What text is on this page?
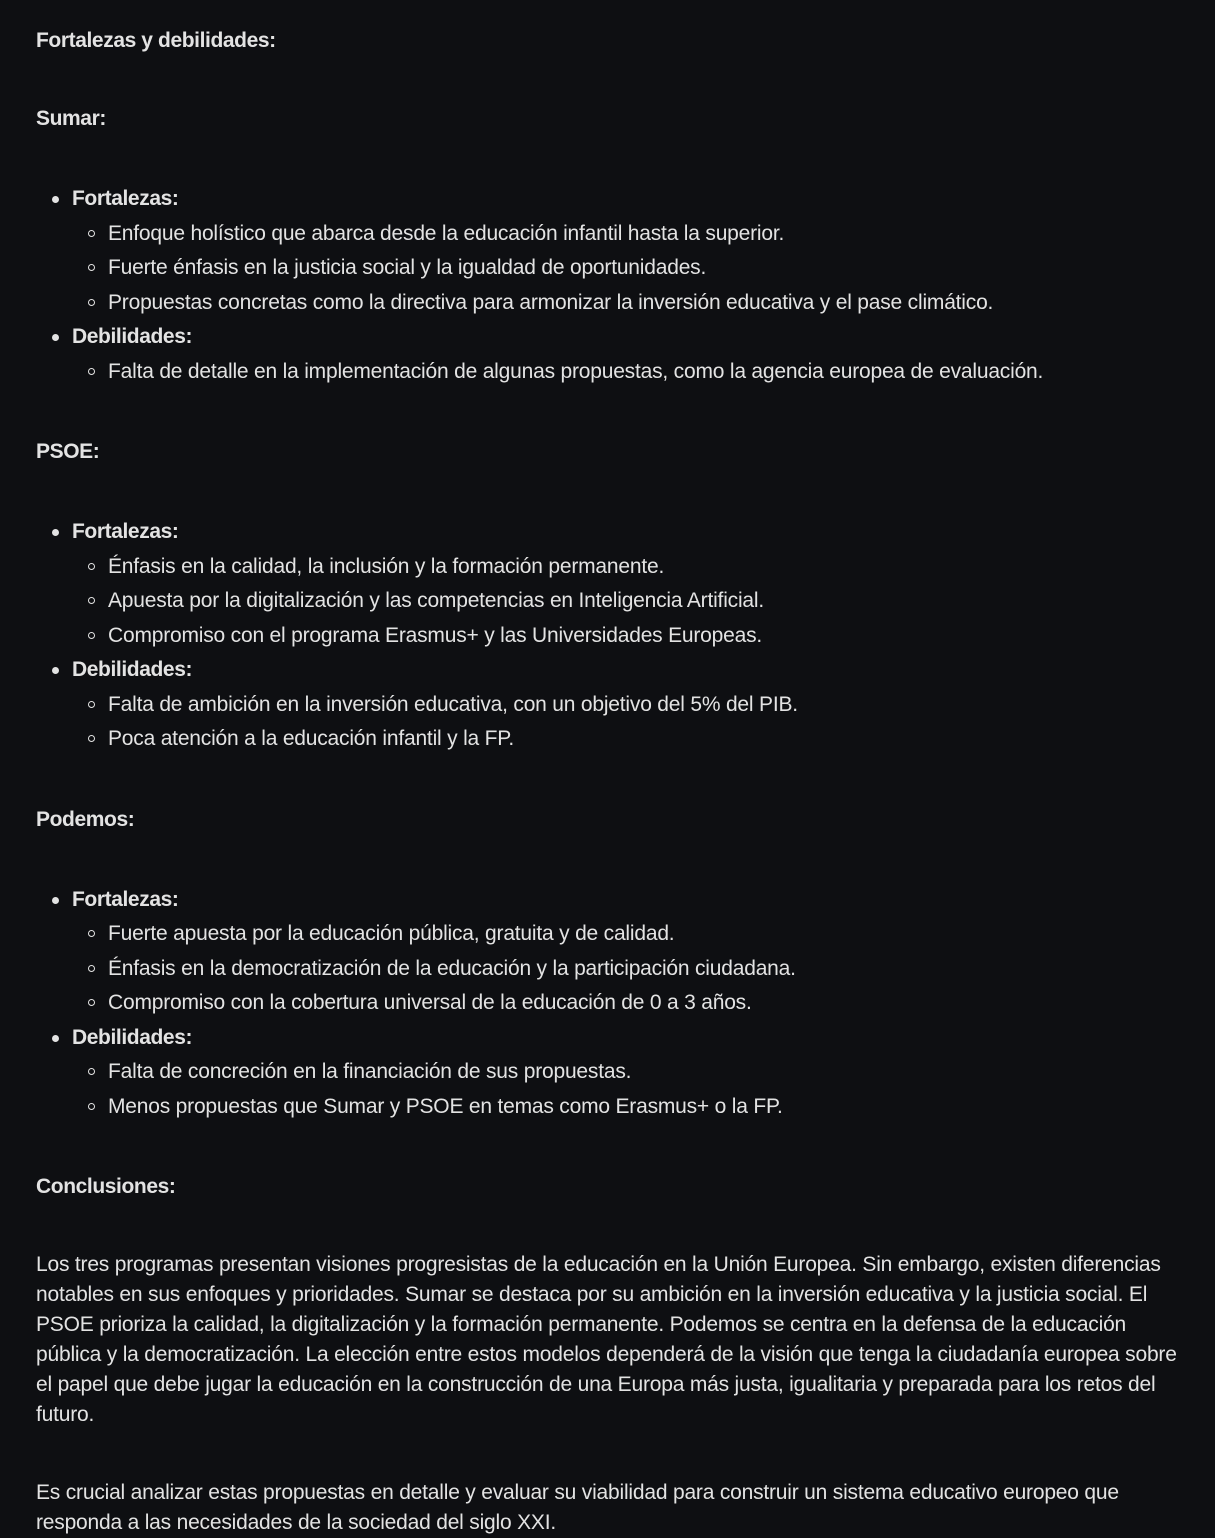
Fortalezas y debilidades:

Sumar:

Fortalezas:
Enfoque holístico que abarca desde la educación infantil hasta la superior.
Fuerte énfasis en la justicia social y la igualdad de oportunidades.
Propuestas concretas como la directiva para armonizar la inversión educativa y el pase climático.
Debilidades:
Falta de detalle en la implementación de algunas propuestas, como la agencia europea de evaluación.

PSOE:

Fortalezas:
Énfasis en la calidad, la inclusión y la formación permanente.
Apuesta por la digitalización y las competencias en Inteligencia Artificial.
Compromiso con el programa Erasmus+ y las Universidades Europeas.
Debilidades:
Falta de ambición en la inversión educativa, con un objetivo del 5% del PIB.
Poca atención a la educación infantil y la FP.

Podemos:

Fortalezas:
Fuerte apuesta por la educación pública, gratuita y de calidad.
Énfasis en la democratización de la educación y la participación ciudadana.
Compromiso con la cobertura universal de la educación de 0 a 3 años.
Debilidades:
Falta de concreción en la financiación de sus propuestas.
Menos propuestas que Sumar y PSOE en temas como Erasmus+ o la FP.

Conclusiones:

Los tres programas presentan visiones progresistas de la educación en la Unión Europea. Sin embargo, existen diferencias notables en sus enfoques y prioridades. Sumar se destaca por su ambición en la inversión educativa y la justicia social. El PSOE prioriza la calidad, la digitalización y la formación permanente. Podemos se centra en la defensa de la educación pública y la democratización. La elección entre estos modelos dependerá de la visión que tenga la ciudadanía europea sobre el papel que debe jugar la educación en la construcción de una Europa más justa, igualitaria y preparada para los retos del futuro.

Es crucial analizar estas propuestas en detalle y evaluar su viabilidad para construir un sistema educativo europeo que responda a las necesidades de la sociedad del siglo XXI.
